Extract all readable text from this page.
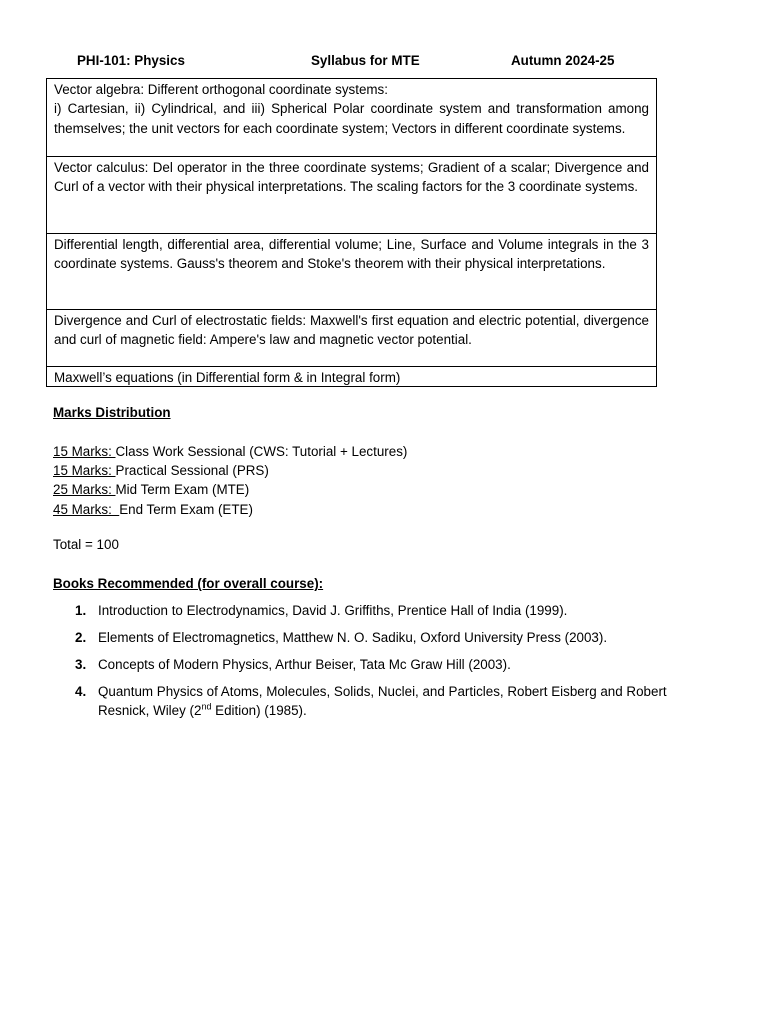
PHI-101: Physics	Syllabus for MTE	Autumn 2024-25

Vector algebra: Different orthogonal coordinate systems:

i) Cartesian, ii) Cylindrical, and iii) Spherical Polar coordinate system and transformation among themselves; the unit vectors for each coordinate system; Vectors in different coordinate systems.

Vector calculus: Del operator in the three coordinate systems; Gradient of a scalar; Divergence and Curl of a vector with their physical interpretations. The scaling factors for the 3 coordinate systems.

Differential length, differential area, differential volume; Line, Surface and Volume integrals in the 3 coordinate systems. Gauss's theorem and Stoke's theorem with their physical interpretations.

Divergence and Curl of electrostatic fields: Maxwell's first equation and electric potential, divergence and curl of magnetic field: Ampere's law and magnetic vector potential.

Maxwell’s equations (in Differential form & in Integral form)

Marks Distribution
15 Marks: Class Work Sessional (CWS: Tutorial + Lectures)
15 Marks: Practical Sessional (PRS)
25 Marks: Mid Term Exam (MTE)
45 Marks:  End Term Exam (ETE)
Total = 100
Books Recommended (for overall course):
1. Introduction to Electrodynamics, David J. Griffiths, Prentice Hall of India (1999).
2. Elements of Electromagnetics, Matthew N. O. Sadiku, Oxford University Press (2003).
3. Concepts of Modern Physics, Arthur Beiser, Tata Mc Graw Hill (2003).
4. Quantum Physics of Atoms, Molecules, Solids, Nuclei, and Particles, Robert Eisberg and Robert Resnick, Wiley (2nd Edition) (1985).
